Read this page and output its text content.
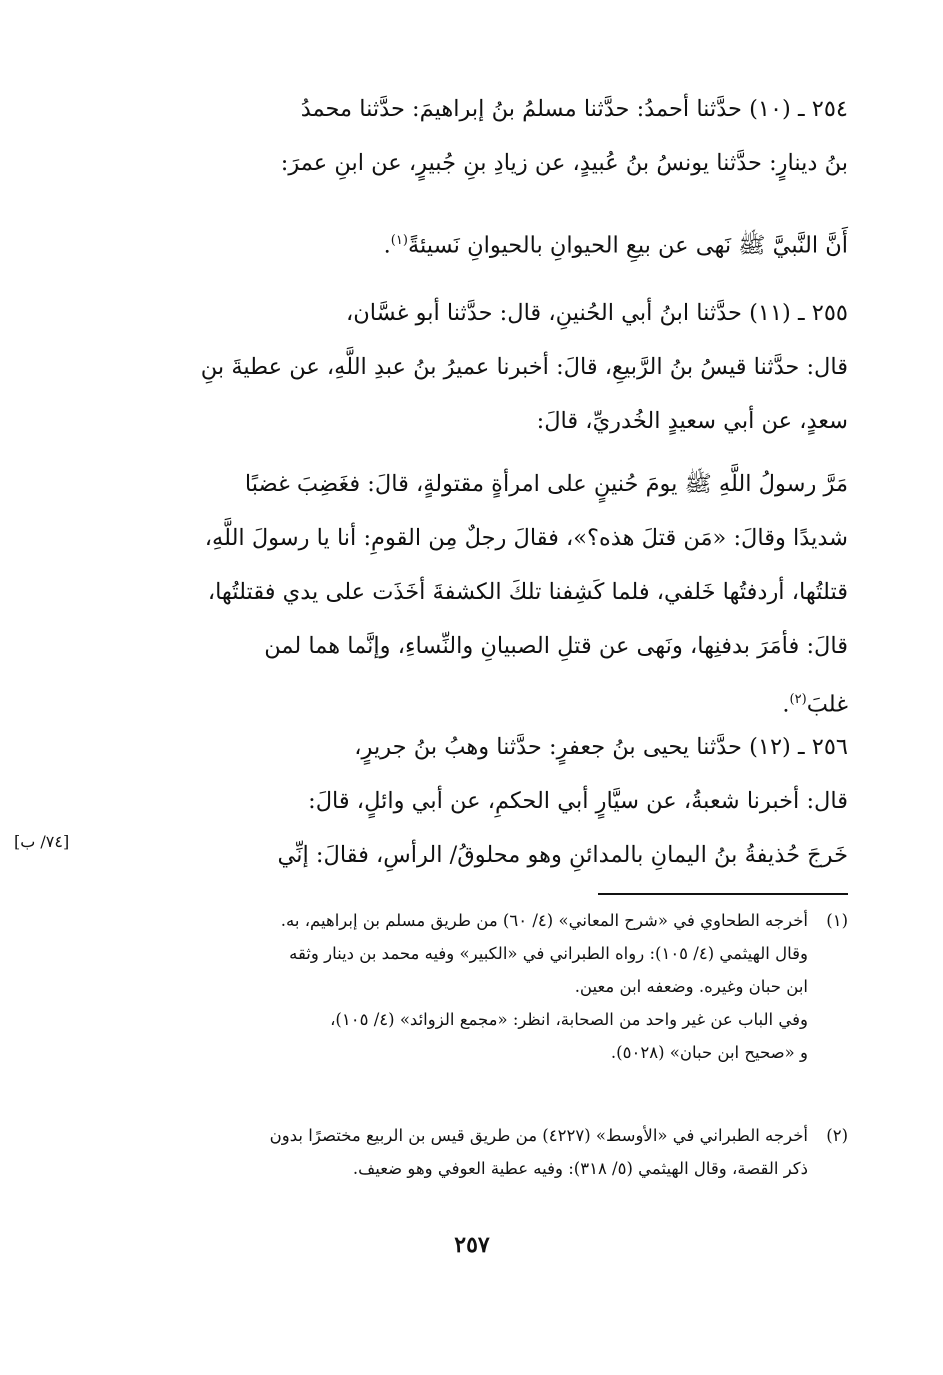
٢٥٤ ـ (١٠) حدَّثنا أحمدُ: حدَّثنا مسلمُ بنُ إبراهيمَ: حدَّثنا محمدُ
بنُ دينارٍ: حدَّثنا يونسُ بنُ عُبيدٍ، عن زيادِ بنِ جُبيرٍ، عن ابنِ عمرَ:
أَنَّ النَّبيَّ ﷺ نَهى عن بيعِ الحيوانِ بالحيوانِ نَسيئةً$^{(١)}$.
٢٥٥ ـ (١١) حدَّثنا ابنُ أبي الحُنينِ، قال: حدَّثنا أبو غسَّان،
قال: حدَّثنا قيسُ بنُ الرَّبيعِ، قالَ: أخبرنا عميرُ بنُ عبدِ اللَّهِ، عن عطيةَ بنِ
سعدٍ، عن أبي سعيدٍ الخُدريِّ، قالَ:
مَرَّ رسولُ اللَّهِ ﷺ يومَ حُنينٍ على امرأةٍ مقتولةٍ، قالَ: فغَضِبَ غضبًا
شديدًا وقالَ: «مَن قتلَ هذه؟»، فقالَ رجلٌ مِن القومِ: أنا يا رسولَ اللَّهِ،
قتلتُها، أردفتُها خَلفي، فلما كَشِفنا تلكَ الكشفةَ أخَذَت على يدي فقتلتُها،
قالَ: فأمَرَ بدفنِها، ونَهى عن قتلِ الصبيانِ والنِّساءِ، وإنَّما هما لمن
غلبَ$^{(٢)}$.
٢٥٦ ـ (١٢) حدَّثنا يحيى بنُ جعفرٍ: حدَّثنا وهبُ بنُ جريرٍ،
قال: أخبرنا شعبةُ، عن سيَّارٍ أبي الحكمِ، عن أبي وائلٍ، قالَ:
خَرجَ حُذيفةُ بنُ اليمانِ بالمدائنِ وهو محلوقُ/ الرأسِ، فقالَ: إنِّي
[٧٤/ ب]
(١)
أخرجه الطحاوي في «شرح المعاني» (٤/ ٦٠) من طريق مسلم بن إبراهيم، به.
وقال الهيثمي (٤/ ١٠٥): رواه الطبراني في «الكبير» وفيه محمد بن دينار وثقه
ابن حبان وغيره. وضعفه ابن معين.
وفي الباب عن غير واحد من الصحابة، انظر: «مجمع الزوائد» (٤/ ١٠٥)،
و «صحيح ابن حبان» (٥٠٢٨).
(٢)
أخرجه الطبراني في «الأوسط» (٤٢٢٧) من طريق قيس بن الربيع مختصرًا بدون
ذكر القصة، وقال الهيثمي (٥/ ٣١٨): وفيه عطية العوفي وهو ضعيف.
٢٥٧
